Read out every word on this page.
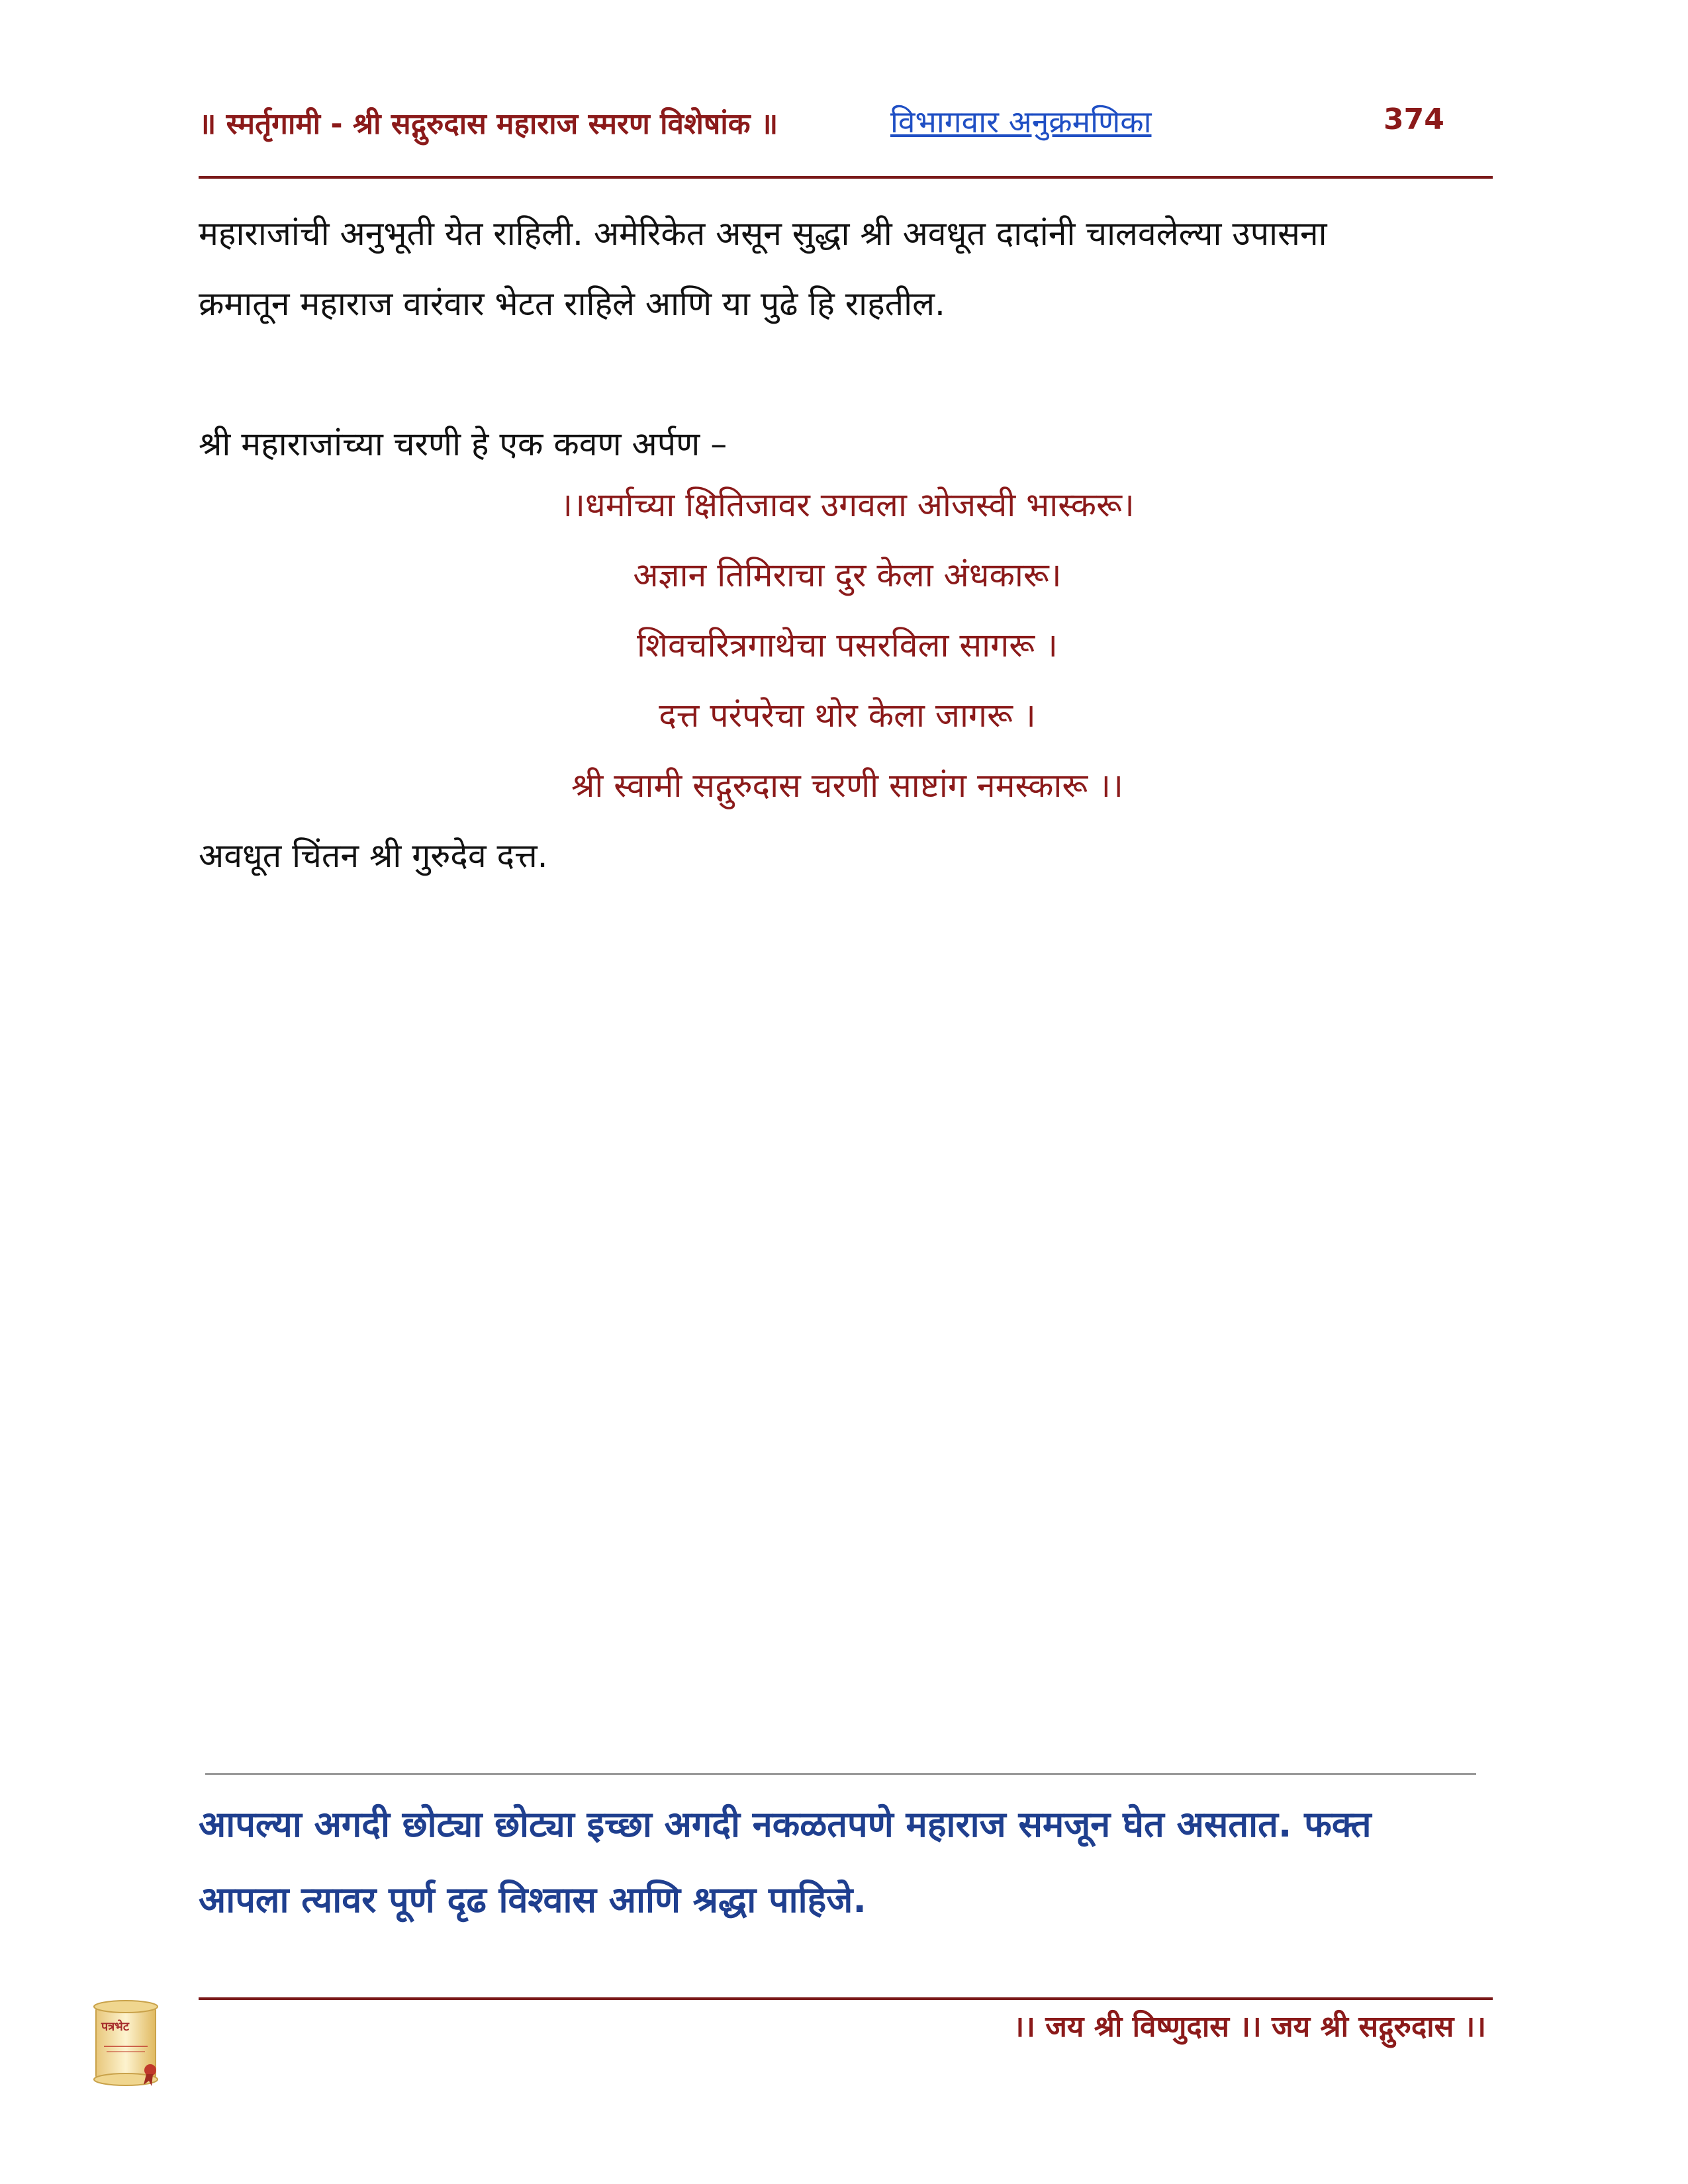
॥ स्मर्तृगामी - श्री सद्गुरुदास महाराज स्मरण विशेषांक ॥	विभागवार अनुक्रमणिका	374

महाराजांची अनुभूती येत राहिली. अमेरिकेत असून सुद्धा श्री अवधूत दादांनी चालवलेल्या उपासना

क्रमातून महाराज वारंवार भेटत राहिले आणि या पुढे हि राहतील.

श्री महाराजांच्या चरणी हे एक कवण अर्पण –

।।धर्माच्या क्षितिजावर उगवला ओजस्वी भास्करू।

अज्ञान तिमिराचा दुर केला अंधकारू।

शिवचरित्रगाथेचा पसरविला सागरू ।

दत्त परंपरेचा थोर केला जागरू ।

श्री स्वामी सद्गुरुदास चरणी साष्टांग नमस्कारू ।।

अवधूत चिंतन श्री गुरुदेव दत्त.

आपल्या अगदी छोट्या छोट्या इच्छा अगदी नकळतपणे महाराज समजून घेत असतात. फक्त

आपला त्यावर पूर्ण दृढ विश्वास आणि श्रद्धा पाहिजे.

पत्रभेट	।। जय श्री विष्णुदास ।। जय श्री सद्गुरुदास ।।
